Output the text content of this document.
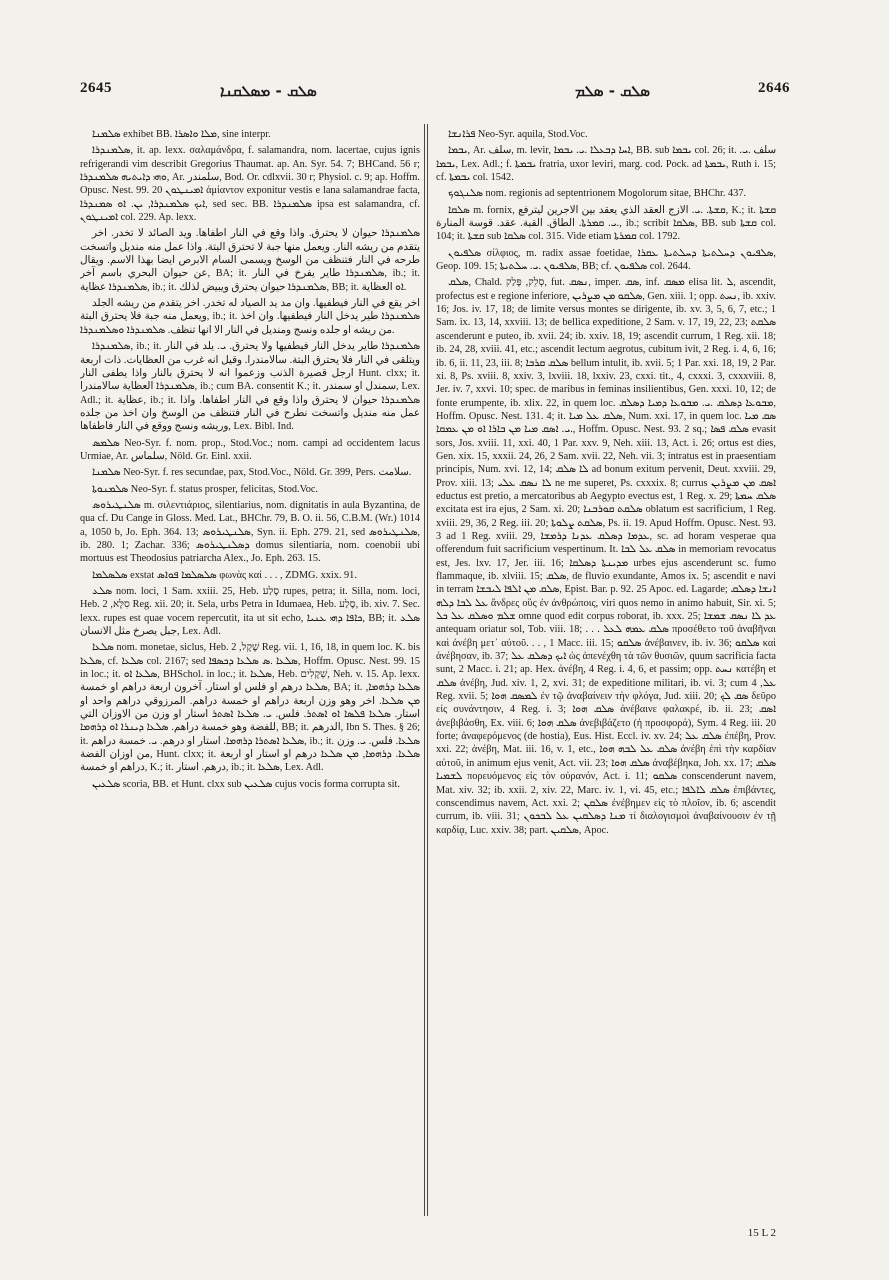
2645	ܣܠܩ - ܡܣܠܩܢܐ	ܣܠܩ - ܣܠܡ	2646

ܣܠܡܢܐ exhibet BB. ܡܠܐ ܘܐܣܪܐ, sine interpr.

ܣܠܡܢܕܪܐ, it. ap. lexx. σαλαμάνδρα, f. salamandra, nom. lacertae, cujus ignis refrigerandi vim describit Gregorius Thaumat. ap. An. Syr. 54. 7; BHCand. 56 r; ܘܗܝ ܕܐܝܬܝܗ ܣܠܡܢܕܪܐ, Ar. سلمندر, Bod. Or. cdlxvii. 30 r; Physiol. c. 9; ap. Hoffm. Opusc. Nest. 99. 20 ܐܡܝܢܛܘܢ ἀμίαντον exponitur vestis e lana salamandrae facta, ܐܝܟ ܣܠܡܢܕܪܐ, ܝܢ. ܐܘ ܣܡܢܕܪܐ, sed sec. BB. ܣܠܡܢܕܪܐ ipsa est salamandra, cf. ܐܡܝܢܛܘܢ col. 229. Ap. lexx.

ܣܠܡܢܕܪܐ حيوان لا يحترق. واذا وقع في النار اطفاها. ويد الصائد لا تخدر. اخر يتقدم من ريشه النار. ويعمل منها جبة لا تحترق البتة. واذا عمل منه منديل واتسخت طرحه في النار فتنظف من الوسخ ويسمى السام الابرص ايضا بهذا الاسم. ويقال عن حيوان البحري باسم آخر, BA; it. ܣܠܡܢܕܪܐ طاير يفرخ في النار, ib.; it. ܣܠܡܢܕܪܐ عظاية, ib.; it. ܣܠܡܢܕܪܐ حيوان يحترق ويبيض لذلك, BB; it. ܐܘ العظاية.

اخر يقع في النار فيطفيها. وان مد يد الصياد له تخدر. اخر يتقدم من ريشه الجلد ويعمل منه جبة فلا يحترق البتة, ib.; it. ܣܠܡܢܕܪܐ طير يدخل النار فيطفيها. وان اخذ من ريشه او جلده ونسج ومنديل في النار الا انها تنظف. ܣܠܡܢܕܪܐ ܘܣܠܡܢܕܪܐ.

ܣܠܡܢܕܪܐ, ib.; it. ܣܠܡܢܕܪܐ طاير يدخل النار فيطفيها ولا يحترق. ܝ. يلد في النار ويتلقى في النار فلا يحترق البتة. سالامندرا. وقيل انه غرب من العظايات. ذات اربعة ارجل قصيرة الذنب وزعموا انه لا يحترق بالنار واذا يطفى النار Hunt. clxx; it. ܣܠܡܢܕܪܐ العظاية سالامندرا, ib.; cum BA. consentit K.; it. سمندل او سمندر, Lex. Adl.; it. عظاية, ib.; it. ܣܠܡܢܕܪܐ حيوان لا يحترق واذا وقع في النار اطفاها. واذا عمل منه منديل واتسخت نطرح في النار فتنظف من الوسخ وان اخذ من جلده وريشه ونسج ووقع في النار فاطفاها, Lex. Bibl. Ind.

ܣܠܡܣ Neo-Syr. f. nom. prop., Stod.Voc.; nom. campi ad occidentem lacus Urmiae, Ar. سلماس, Nöld. Gr. Einl. xxii.

ܣܠܡܢܐ Neo-Syr. f. res secundae, pax, Stod.Voc., Nöld. Gr. 399, Pers. سلامت.

ܣܠܡܢܘܬܐ Neo-Syr. f. status prosper, felicitas, Stod.Voc.

ܣܠܢܛܝܪܘܣ m. σιλεντιάριος, silentiarius, nom. dignitatis in aula Byzantina, de qua cf. Du Cange in Gloss. Med. Lat., BHChr. 79, B. O. ii. 56, C.B.M. (Wr.) 1014 a, 1050 b, Jo. Eph. 364. 13; ܣܠܢܛܝܪܘܣ, Syn. ii. Eph. 279. 21, sed ܣܠܢܛܝܪܘܣ, ib. 280. 1; Zachar. 336; ܕܣܠܢܛܝܪܘܣ domus silentiaria, nom. coenobii ubi mortuus est Theodosius patriarcha Alex., Jo. Eph. 263. 15.

ܣܠܣܠܡܐ exstat ܣܠܣܠܡܐ ܦܘܐܣ φωνὰς καί . . . , ZDMG. xxix. 91.

ܣܠܥ nom. loci, 1 Sam. xxiii. 25, Heb. סֶלַע rupes, petra; it. Silla, nom. loci, Heb. סִלָּא, 2 Reg. xii. 20; it. Sela, urbs Petra in Idumaea, Heb. סֶלַע, ib. xiv. 7. Sec. lexx. rupes est quae vocem repercutit, ita ut sit echo, ܟܐܦܐ ܕܗܝ ܥܢܝܐ, BB; it. ܣܠܥ جبل يصرخ مثل الانسان, Lex. Adl.

ܣܠܥܐ nom. monetae, siclus, Heb. שֶׁקֶל, 2 Reg. vii. 1, 16, 18, in quem loc. K. bis ܣܠܥܐ, cf. ܣܠܥܐ col. 2167; sed ܣܠܥܐ .ܣ ܣܠܥܐ ܕܟܣܦܐ, Hoffm. Opusc. Nest. 99. 15 in loc.; it. ܣܠܥܐ ܐܘ, BHSchol. in loc.; it. ܣܠܥܐ, Heb. שְׁקָלִים, Neh. v. 15. Ap. lexx. ܣܠܥܐ درهم او فلس او استار. آخرون اربعة دراهم او خمسة, BA; it. ܣܠܥܐ ܕܪܗܡܐ, ܡܢ ܣܠܥܐ. اخر وهو وزن اربعة دراهم او خمسة دراهم. المرزوقي دراهم واحد او استار. ܣܠܥܐ ܦܠܣܐ ܐܘ ܐܣܬܪ. فلس. ܝ. ܣܠܥܐ ܐܣܬܪ استار او وزن من الاوزان التي للفضة وهو خمسة دراهم. ܣܠܥܐ ܕܝܢܪܐ ܐܘ ܕܪܗܡܐ, BB; it. الدرهم, Ibn S. Thes. § 26; it. ܣܠܥܐ ܐܣܬܪܐ ܕܪܗܡܐ. استار او درهم. ܝ. خمسة دراهم, ib.; it. ܣܠܥܐ. فلس. ܝ. وزن من اوزان الفضة, Hunt. clxx; it. ܣܠܥܐ. ܕܪܗܡܐ, ܡܢ ܣܠܥܐ درهم او استار او اربعة دراهم او خمسة, K.; it. درهم. استار, ib.; it. ܣܠܥܐ, Lex. Adl.

ܣܠܥܝܢ scoria, BB. et Hunt. clxx sub ܣܠܥܝܢ cujus vocis forma corrupta sit.

ܦܪܐܢܫܐ Neo-Syr. aquila, Stod.Voc.

ܝܒܡܐ, Ar. سلف, m. levir, ܐܚܐ ܕܒܥܠܐ .ܝ. ܝܒܡܐ, BB. sub ܝܒܡܐ col. 26; it. سلف .ܝ. ܝܒܡܐ, Lex. Adl.; f. ܝܒܡܬܐ fratria, uxor leviri, marg. cod. Pock. ad ܝܒܡܬܐ, Ruth i. 15; cf. ܝܒܡܬܐ col. 1542.

ܣܠܢܓܘܟ nom. regionis ad septentrionem Mogolorum sitae, BHChr. 437.

ܣܠܩܐ m. fornix, ܩܫܬܐ. .ܝ. الازج العقد الذي يعقد بين الاجرين ليترفع, K.; it. ܩܫܬܐ .ܝ. ܩܡܪܬܐ. الطاق. القبة. عقد. قوسة المنارة, ib.; scribit ܣܠܩܐ, BB. sub ܩܫܬܐ col. 104; it. ܩܫܬܐ sub ܣܠܩܐ col. 315. Vide etiam ܩܡܪܬܐ col. 1792.

ܣܠܦܝܘܢ σίλφιος, m. radix assae foetidae, ܣܠܦܝܘܢ ܕܚܠܬܝܬܐ ܕܚܠܬܝܬܐ ܥܩܪܐ, Geop. 109. 15; ܣܠܦܝܘܢ .ܝ. ܚܠܬܝܬܐ, BB; cf. ܣܠܦܝܘܢ col. 2644.

ܣܠܩ, Chald. סְלֵק, פָּלַק, fut. ܢܣܩ, imper. ܣܩ, inf. ܡܣܩ elisa lit. ܠ, ascendit, profectus est e regione inferiore, ܣܠܩܘ ܡܢ ܡܨܪܝܢ, Gen. xiii. 1; opp. ܢܚܬ, ib. xxiv. 16; Jos. iv. 17, 18; de limite versus montes se dirigente, ib. xv. 3, 5, 6, 7, etc.; 1 Sam. ix. 13, 14, xxviii. 13; de bellica expeditione, 2 Sam. v. 17, 19, 22, 23; ܣܠܩܬ ascenderunt e puteo, ib. xvii. 24; ib. xxiv. 18, 19; ascendit currum, 1 Reg. xii. 18; ib. 24, 28, xviii. 41, etc.; ascendit lectum aegrotus, cubitum ivit, 2 Reg. i. 4, 6, 16; ib. 6, ii. 11, 23, iii. 8; ܣܠܩ ܩܪܒܐ bellum intulit, ib. xvii. 5; 1 Par. xxi. 18, 19, 2 Par. xi. 8, Ps. xviii. 8, xxiv. 3, lxviii. 18, lxxiv. 23, cxxi. tit., 4, cxxxi. 3, cxxxviii. 8, Jer. iv. 7, xxvi. 10; spec. de maribus in feminas insilientibus, Gen. xxxi. 10, 12; de fonte erumpente, ib. xlix. 22, in quem loc. ܡܒܘܥܐ ܕܣܠܩ .ܝ. ܡܒܘܥܐ ܕܡܝܐ ܕܣܠܩ, Hoffm. Opusc. Nest. 131. 4; it. ܣܠܩ ܥܠ ܡܝܐ, Num. xxi. 17, in quem loc. ܣܩ ܡܝܐ .ܝ. ܐܣܩ ܡܝܐ ܡܢ ܒܐܪܐ ܐܘ ܡܢ ܥܡܩܐ, Hoffm. Opusc. Nest. 93. 2 sq.; ܣܠܩ ܦܣܐ evasit sors, Jos. xviii. 11, xxi. 40, 1 Par. xxv. 9, Neh. xiii. 13, Act. i. 26; ortus est dies, Gen. xix. 15, xxxii. 24, 26, 2 Sam. xvii. 22, Neh. vii. 3; intratus est in praesentiam principis, Num. xvi. 12, 14; ܠܐ ܣܠܩ ad bonum exitum pervenit, Deut. xxviii. 29, Prov. xiii. 13; ܠܐ ܢܣܩ ܥܠܝ ne me superet, Ps. cxxxix. 8; currus ܐܣܩ ܡܢ ܡܨܪܝܢ eductus est pretio, a mercatoribus ab Aegypto evectus est, 1 Reg. x. 29; ܣܠܩ ܚܡܬܐ excitata est ira ejus, 2 Sam. xi. 20; ܣܠܩܬ ܩܘܪܒܢܐ oblatum est sacrificium, 1 Reg. xviii. 29, 36, 2 Reg. iii. 20; ܣܠܩܬ ܨܠܘܬܐ, Ps. ii. 19. Apud Hoffm. Opusc. Nest. 93. 3 ad 1 Reg. xviii. 29, ܥܕܡܐ ܕܣܠܩ ܥܕܢܐ ܕܪܡܫܐ, sc. ad horam vesperae qua offerendum fuit sacrificium vespertinum. It. ܣܠܩ ܥܠ ܠܒܐ in memoriam revocatus est, Jes. lxv. 17, Jer. iii. 16; ܡܕܝܢܬܐ ܕܣܠܩܐ urbes ejus ascenderunt sc. fumo flammaque, ib. xlviii. 15; ܣܠܩ, de fluvio exundante, Amos ix. 5; ascendit e navi in terram ܣܠܩ ܡܢ ܐܠܦܐ ܠܝܒܫܐ, Epist. Bar. p. 92. 25 Apoc. ed. Lagarde; ܐܢܫܐ ܕܣܠܩ ܥܠ ܠܒܐ ܕܠܗ ἄνδρες οὓς ἐν ἀνθρώποις, viri quos nemo in animo habuit, Sir. xi. 5; ܫܠܡ ܘܣܠܩ ܥܠ ܟܠ omne quod edit corpus roborat, ib. xxx. 25; ܥܕ ܠܐ ܢܣܩ ܫܡܫܐ antequam oriatur sol, Tob. viii. 18; . . . ܣܠܩ ܥܡܗ ܠܥܠ προσέθετο τοῦ ἀναβῆναι καὶ ἀνέβη μετ᾽ αὐτοῦ. . . , 1 Macc. iii. 15; ܣܠܩܘ ἀνέβαινεν, ib. iv. 36; ܣܠܩܘ καὶ ἀνέβησαν, ib. 37; ܐܝܟ ܕܣܠܩ ܥܠ ὡς ἀπενέχθη τὰ τῶν θυσιῶν, quum sacrificia facta sunt, 2 Macc. i. 21; ap. Hex. ἀνέβη, 4 Reg. i. 4, 6, et passim; opp. ܢܚܬ κατέβη et ܣܠܩ ἀνέβη, Jud. xiv. 1, 2, xvi. 31; de expeditione militari, ib. vi. 3; cum ܥܠ, 4 Reg. xvii. 5; ܠܡܣܩ ܗܘܐ ἐν τῷ ἀναβαίνειν τὴν φλόγα, Jud. xiii. 20; ܣܩ ܠܟ δεῦρο εἰς συνάντησιν, 4 Reg. i. 3; ܣܠܩ ܗܘܐ ἀνέβαινε φαλακρέ, ib. ii. 23; ܐܣܩ ἀνεβιβάσθη, Ex. viii. 6; ܣܠܩ ܗܘܐ ἀνεβιβάζετο (ἡ προσφορά), Sym. 4 Reg. iii. 20 forte; ἀναφερόμενος (de hostia), Eus. Hist. Eccl. iv. xv. 24; ܣܠܩ ܥܠ ἐπέβη, Prov. xxi. 22; ἀνέβη, Mat. iii. 16, v. 1, etc., ܣܠܩ ܥܠ ܠܒܗ ܗܘܐ ἀνέβη ἐπὶ τὴν καρδίαν αὐτοῦ, in animum ejus venit, Act. vii. 23; ܣܠܩ ܗܘܐ ἀναβέβηκα, Joh. xx. 17; ܣܠܩ ܠܫܡܝܐ πορευόμενος εἰς τὸν οὐρανόν, Act. i. 11; ܣܠܩܘ conscenderunt navem, Mat. xiv. 32; ib. xxii. 2, xiv. 22, Marc. iv. 1, vi. 45, etc.; ܣܠܩ ܠܐܠܦܐ ἐπιβάντες, conscendimus navem, Act. xxi. 2; ܣܠܩܢ ἐνέβημεν εἰς τὸ πλοῖον, ib. 6; ascendit currum, ib. viii. 31; ܡܢܐ ܕܣܠܩܝܢ ܥܠ ܠܒܟܘܢ τί διαλογισμοὶ ἀναβαίνουσιν ἐν τῇ καρδίᾳ, Luc. xxiv. 38; part. ܣܠܩܝܢ, Apoc.

15 L 2
